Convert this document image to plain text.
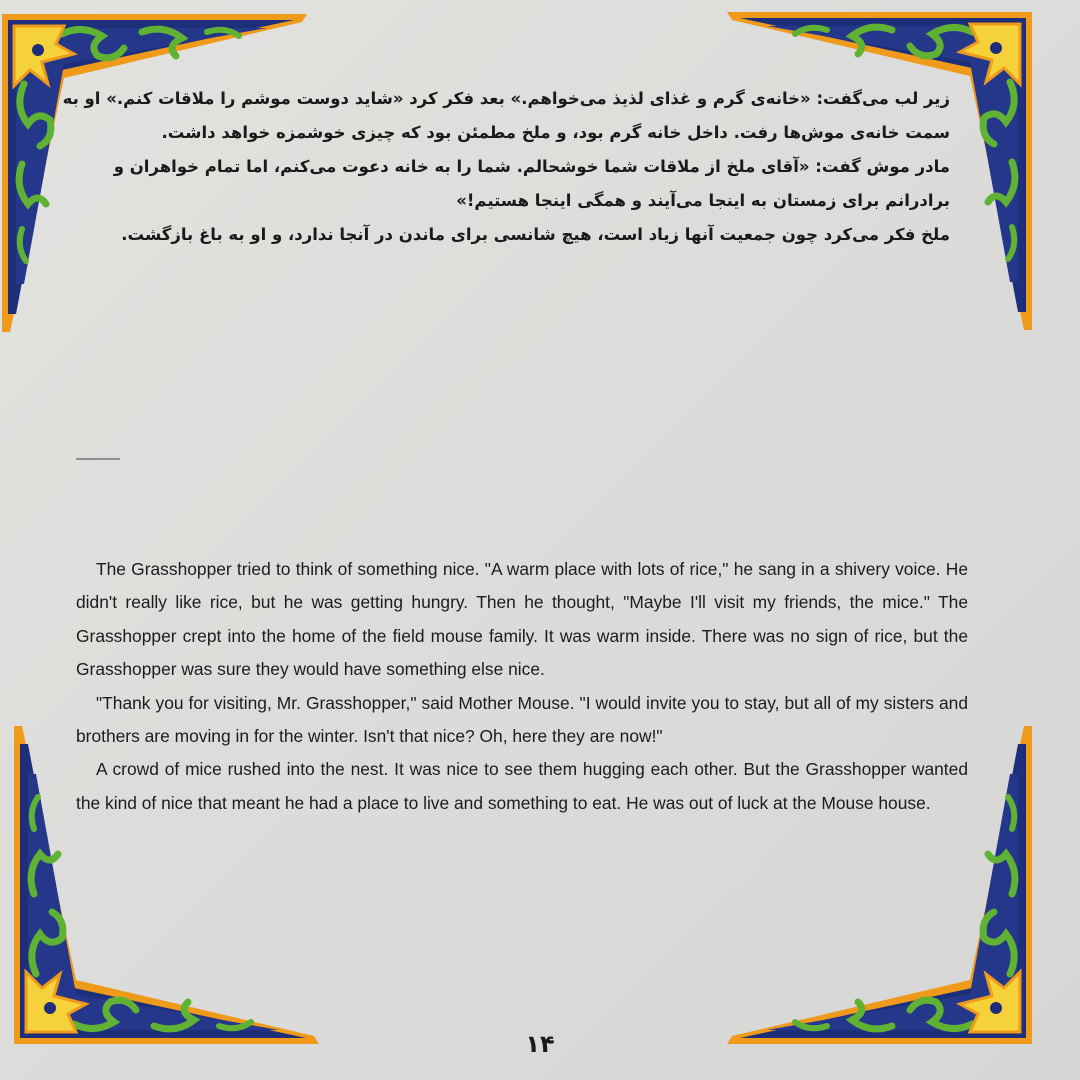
زیر لب می‌گفت: «خانه‌ی گرم و غذای لذیذ می‌خواهم.» بعد فکر کرد «شاید دوست موشم را ملاقات کنم.» او به سمت خانه‌ی موش‌ها رفت. داخل خانه گرم بود، و ملخ مطمئن بود که چیزی خوشمزه خواهد داشت.

مادر موش گفت: «آقای ملخ از ملاقات شما خوشحالم. شما را به خانه دعوت می‌کنم، اما تمام خواهران و برادرانم برای زمستان به اینجا می‌آیند و همگی اینجا هستیم!»

ملخ فکر می‌کرد چون جمعیت آنها زیاد است، هیچ شانسی برای ماندن در آنجا ندارد، و او به باغ بازگشت.

The Grasshopper tried to think of something nice. "A warm place with lots of rice," he sang in a shivery voice. He didn't really like rice, but he was getting hungry. Then he thought, "Maybe I'll visit my friends, the mice." The Grasshopper crept into the home of the field mouse family. It was warm inside. There was no sign of rice, but the Grasshopper was sure they would have something else nice.

"Thank you for visiting, Mr. Grasshopper," said Mother Mouse. "I would invite you to stay, but all of my sisters and brothers are moving in for the winter. Isn't that nice? Oh, here they are now!"

A crowd of mice rushed into the nest. It was nice to see them hugging each other. But the Grasshopper wanted the kind of nice that meant he had a place to live and something to eat. He was out of luck at the Mouse house.

۱۴
